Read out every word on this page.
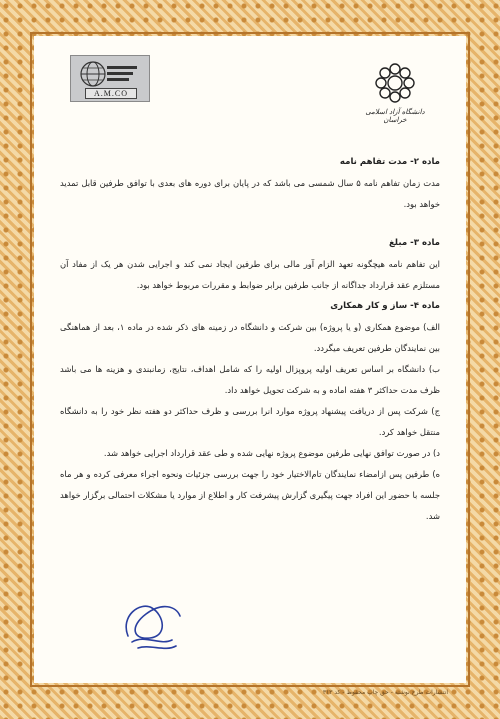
A.M.CO
دانشگاه آزاد اسلامی خراسان

ماده ۲- مدت تفاهم نامه

مدت زمان تفاهم نامه ۵ سال شمسی می باشد که در پایان برای دوره های بعدی با توافق طرفین قابل تمدید خواهد بود.

ماده ۳- مبلغ

این تفاهم نامه هیچگونه تعهد الزام آور مالی برای طرفین ایجاد نمی کند و اجرایی شدن هر یک از مفاد آن مستلزم عقد قرارداد جداگانه از جانب طرفین برابر ضوابط و مقررات مربوط خواهد بود.

ماده ۴- ساز و کار همکاری

الف) موضوع همکاری (و یا پروژه) بین شرکت و دانشگاه در زمینه های ذکر شده در ماده ۱، بعد از هماهنگی بین نمایندگان طرفین تعریف میگردد.

ب) دانشگاه بر اساس تعریف اولیه پروپزال اولیه را که شامل اهداف، نتایج، زمانبندی و هزینه ها می باشد ظرف مدت حداکثر ۳ هفته اماده و به شرکت تحویل خواهد داد.

ج) شرکت پس از دریافت پیشنهاد پروژه موارد انرا بررسی و ظرف حداکثر دو هفته نظر خود را به دانشگاه منتقل خواهد کرد.

د) در صورت توافق نهایی طرفین موضوع پروژه نهایی شده و طی عقد قرارداد اجرایی خواهد شد.

ه) طرفین پس ازامضاء نمایندگان تام‌الاختیار خود را جهت بررسی جزئیات ونحوه اجراء معرفی کرده و هر ماه جلسه با حضور این افراد جهت پیگیری گزارش پیشرفت کار و اطلاع از موارد یا مشکلات احتمالی برگزار خواهد شد.

انتشارات طرح نوشته - حق چاپ محفوظ - کد ۳۱۳
